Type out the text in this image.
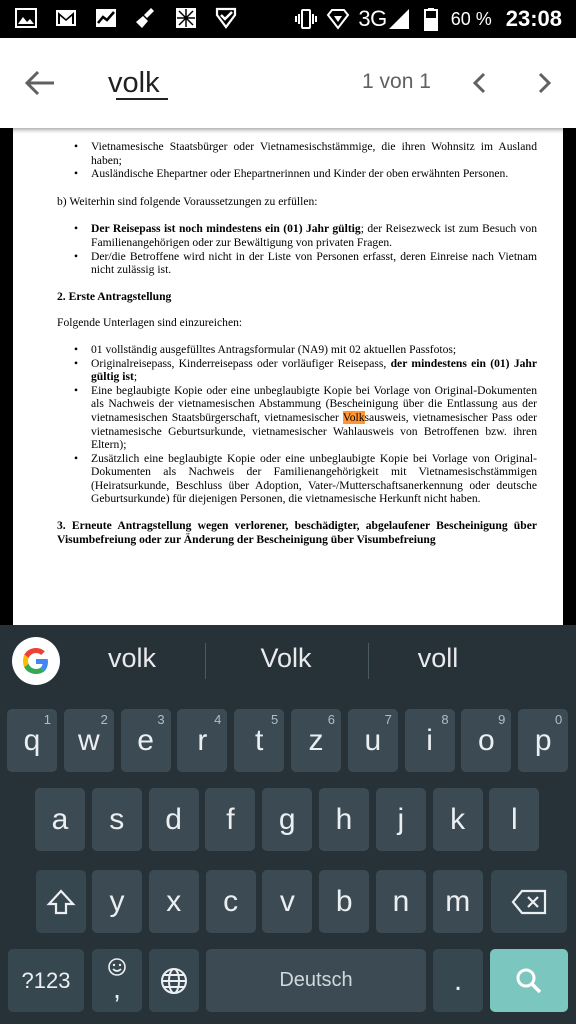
3G	60 % 23:08
volk
1 von 1
• Vietnamesische Staatsbürger oder Vietnamesischstämmige, die ihren Wohnsitz im Ausland haben;
• Ausländische Ehepartner oder Ehepartnerinnen und Kinder der oben erwähnten Personen.

b) Weiterhin sind folgende Voraussetzungen zu erfüllen:

• Der Reisepass ist noch mindestens ein (01) Jahr gültig; der Reisezweck ist zum Besuch von Familienangehörigen oder zur Bewältigung von privaten Fragen.
• Der/die Betroffene wird nicht in der Liste von Personen erfasst, deren Einreise nach Vietnam nicht zulässig ist.

2. Erste Antragstellung

Folgende Unterlagen sind einzureichen:

• 01 vollständig ausgefülltes Antragsformular (NA9) mit 02 aktuellen Passfotos;
• Originalreisepass, Kinderreisepass oder vorläufiger Reisepass, der mindestens ein (01) Jahr gültig ist;
• Eine beglaubigte Kopie oder eine unbeglaubigte Kopie bei Vorlage von Original-Dokumenten als Nachweis der vietnamesischen Abstammung (Bescheinigung über die Entlassung aus der vietnamesischen Staatsbürgerschaft, vietnamesischer Volksausweis, vietnamesischer Pass oder vietnamesische Geburtsurkunde, vietnamesischer Wahlausweis von Betroffenen bzw. ihren Eltern);
• Zusätzlich eine beglaubigte Kopie oder eine unbeglaubigte Kopie bei Vorlage von Original-Dokumenten als Nachweis der Familienangehörigkeit mit Vietnamesischstämmigen (Heiratsurkunde, Beschluss über Adoption, Vater-/Mutterschaftsanerkennung oder deutsche Geburtsurkunde) für diejenigen Personen, die vietnamesische Herkunft nicht haben.

3. Erneute Antragstellung wegen verlorener, beschädigter, abgelaufener Bescheinigung über Visumbefreiung oder zur Änderung der Bescheinigung über Visumbefreiung

volk	Volk	voll
q
1
w
2
e
3
r
4
t
5
z
6
u
7
i
8
o
9
p
0
a s d f g h j k l
y x c v b n m
?123	,	Deutsch	.
